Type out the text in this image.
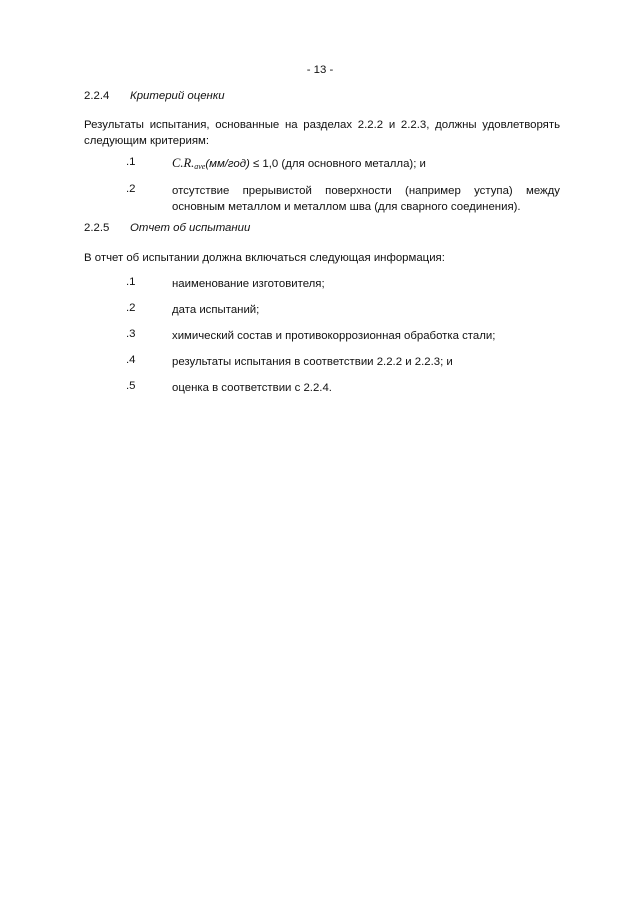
- 13 -
2.2.4 Критерий оценки
Результаты испытания, основанные на разделах 2.2.2 и 2.2.3, должны удовлетворять следующим критериям:
.1	C.R.ave(мм/год) ≤ 1,0 (для основного металла); и
.2	отсутствие прерывистой поверхности (например уступа) между основным металлом и металлом шва (для сварного соединения).
2.2.5 Отчет об испытании
В отчет об испытании должна включаться следующая информация:
.1	наименование изготовителя;
.2	дата испытаний;
.3	химический состав и противокоррозионная обработка стали;
.4	результаты испытания в соответствии 2.2.2 и 2.2.3; и
.5	оценка в соответствии с 2.2.4.
